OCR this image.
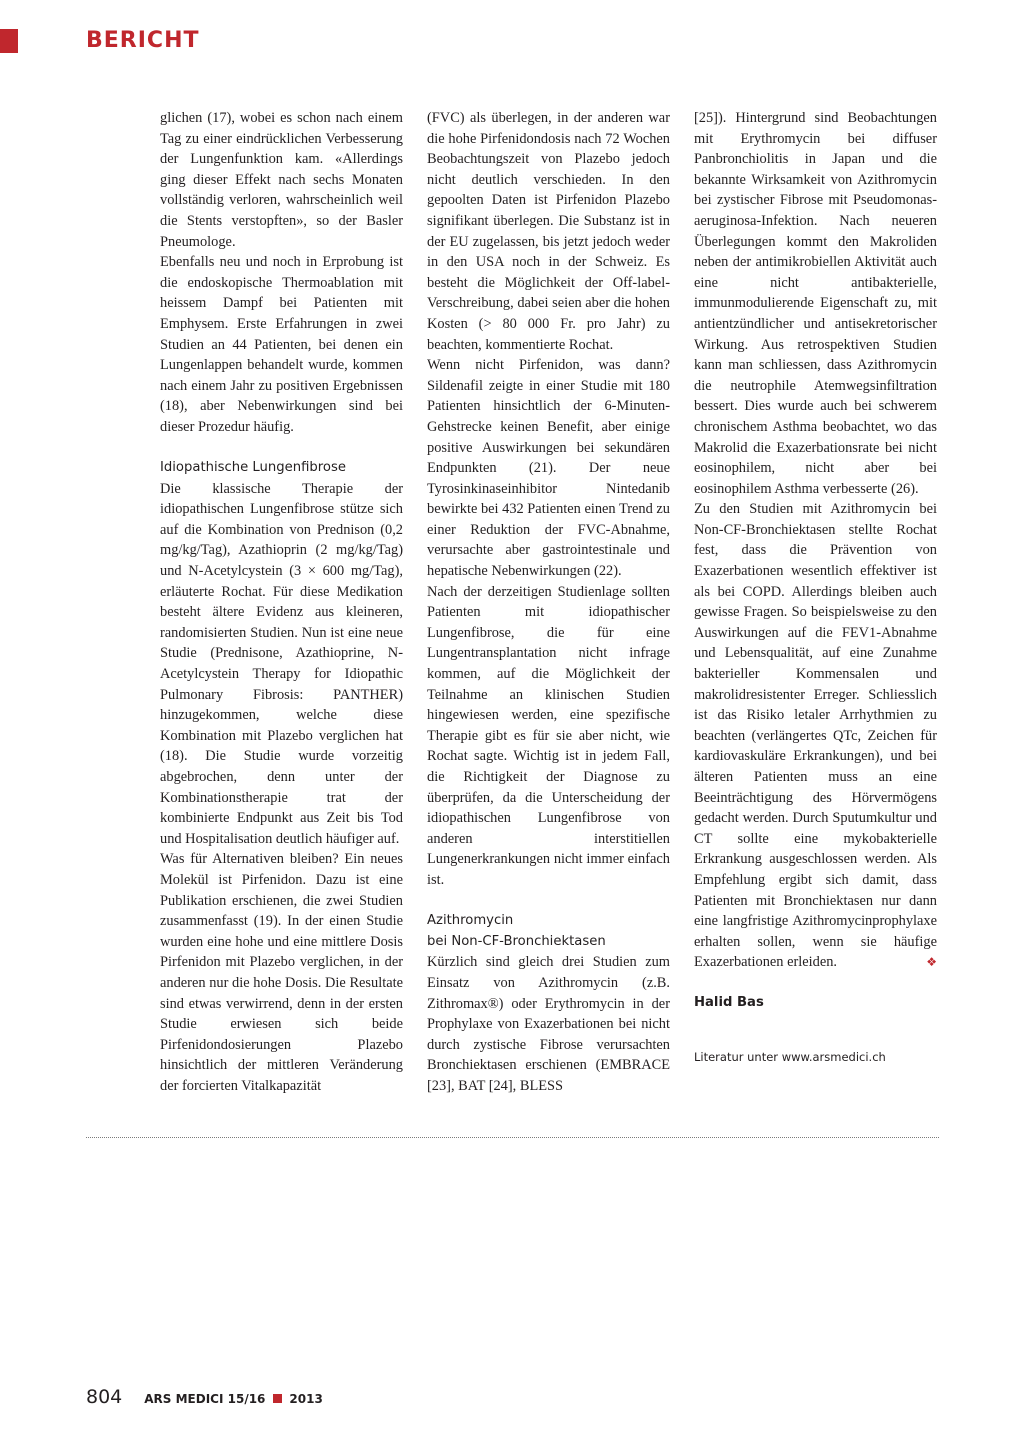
BERICHT

glichen (17), wobei es schon nach einem Tag zu einer eindrücklichen Verbesserung der Lungenfunktion kam. «Allerdings ging dieser Effekt nach sechs Monaten vollständig verloren, wahrscheinlich weil die Stents verstopften», so der Basler Pneumologe.

Ebenfalls neu und noch in Erprobung ist die endoskopische Thermoablation mit heissem Dampf bei Patienten mit Emphysem. Erste Erfahrungen in zwei Studien an 44 Patienten, bei denen ein Lungenlappen behandelt wurde, kommen nach einem Jahr zu positiven Ergebnissen (18), aber Nebenwirkungen sind bei dieser Prozedur häufig.

Idiopathische Lungenfibrose

Die klassische Therapie der idiopathischen Lungenfibrose stütze sich auf die Kombination von Prednison (0,2 mg/kg/Tag), Azathioprin (2 mg/kg/Tag) und N-Acetylcystein (3 × 600 mg/Tag), erläuterte Rochat. Für diese Medikation besteht ältere Evidenz aus kleineren, randomisierten Studien. Nun ist eine neue Studie (Prednisone, Azathioprine, N-Acetylcystein Therapy for Idiopathic Pulmonary Fibrosis: PANTHER) hinzugekommen, welche diese Kombination mit Plazebo verglichen hat (18). Die Studie wurde vorzeitig abgebrochen, denn unter der Kombinationstherapie trat der kombinierte Endpunkt aus Zeit bis Tod und Hospitalisation deutlich häufiger auf.

Was für Alternativen bleiben? Ein neues Molekül ist Pirfenidon. Dazu ist eine Publikation erschienen, die zwei Studien zusammenfasst (19). In der einen Studie wurden eine hohe und eine mittlere Dosis Pirfenidon mit Plazebo verglichen, in der anderen nur die hohe Dosis. Die Resultate sind etwas verwirrend, denn in der ersten Studie erwiesen sich beide Pirfenidondosierungen Plazebo hinsichtlich der mittleren Veränderung der forcierten Vitalkapazität

(FVC) als überlegen, in der anderen war die hohe Pirfenidondosis nach 72 Wochen Beobachtungszeit von Plazebo jedoch nicht deutlich verschieden. In den gepoolten Daten ist Pirfenidon Plazebo signifikant überlegen. Die Substanz ist in der EU zugelassen, bis jetzt jedoch weder in den USA noch in der Schweiz. Es besteht die Möglichkeit der Off-label-Verschreibung, dabei seien aber die hohen Kosten (> 80 000 Fr. pro Jahr) zu beachten, kommentierte Rochat.

Wenn nicht Pirfenidon, was dann? Sildenafil zeigte in einer Studie mit 180 Patienten hinsichtlich der 6-Minuten-Gehstrecke keinen Benefit, aber einige positive Auswirkungen bei sekundären Endpunkten (21). Der neue Tyrosinkinaseinhibitor Nintedanib bewirkte bei 432 Patienten einen Trend zu einer Reduktion der FVC-Abnahme, verursachte aber gastrointestinale und hepatische Nebenwirkungen (22).

Nach der derzeitigen Studienlage sollten Patienten mit idiopathischer Lungenfibrose, die für eine Lungentransplantation nicht infrage kommen, auf die Möglichkeit der Teilnahme an klinischen Studien hingewiesen werden, eine spezifische Therapie gibt es für sie aber nicht, wie Rochat sagte. Wichtig ist in jedem Fall, die Richtigkeit der Diagnose zu überprüfen, da die Unterscheidung der idiopathischen Lungenfibrose von anderen interstitiellen Lungenerkrankungen nicht immer einfach ist.

Azithromycin
bei Non-CF-Bronchiektasen

Kürzlich sind gleich drei Studien zum Einsatz von Azithromycin (z.B. Zithromax®) oder Erythromycin in der Prophylaxe von Exazerbationen bei nicht durch zystische Fibrose verursachten Bronchiektasen erschienen (EMBRACE [23], BAT [24], BLESS

[25]). Hintergrund sind Beobachtungen mit Erythromycin bei diffuser Panbronchiolitis in Japan und die bekannte Wirksamkeit von Azithromycin bei zystischer Fibrose mit Pseudomonas-aeruginosa-Infektion. Nach neueren Überlegungen kommt den Makroliden neben der antimikrobiellen Aktivität auch eine nicht antibakterielle, immunmodulierende Eigenschaft zu, mit antientzündlicher und antisekretorischer Wirkung. Aus retrospektiven Studien kann man schliessen, dass Azithromycin die neutrophile Atemwegsinfiltration bessert. Dies wurde auch bei schwerem chronischem Asthma beobachtet, wo das Makrolid die Exazerbationsrate bei nicht eosinophilem, nicht aber bei eosinophilem Asthma verbesserte (26).

Zu den Studien mit Azithromycin bei Non-CF-Bronchiektasen stellte Rochat fest, dass die Prävention von Exazerbationen wesentlich effektiver ist als bei COPD. Allerdings bleiben auch gewisse Fragen. So beispielsweise zu den Auswirkungen auf die FEV1-Abnahme und Lebensqualität, auf eine Zunahme bakterieller Kommensalen und makrolidresistenter Erreger. Schliesslich ist das Risiko letaler Arrhythmien zu beachten (verlängertes QTc, Zeichen für kardiovaskuläre Erkrankungen), und bei älteren Patienten muss an eine Beeinträchtigung des Hörvermögens gedacht werden. Durch Sputumkultur und CT sollte eine mykobakterielle Erkrankung ausgeschlossen werden. Als Empfehlung ergibt sich damit, dass Patienten mit Bronchiektasen nur dann eine langfristige Azithromycinprophylaxe erhalten sollen, wenn sie häufige Exazerbationen erleiden.	❖

Halid Bas
Literatur unter www.arsmedici.ch
804 ARS MEDICI 15/16 2013
